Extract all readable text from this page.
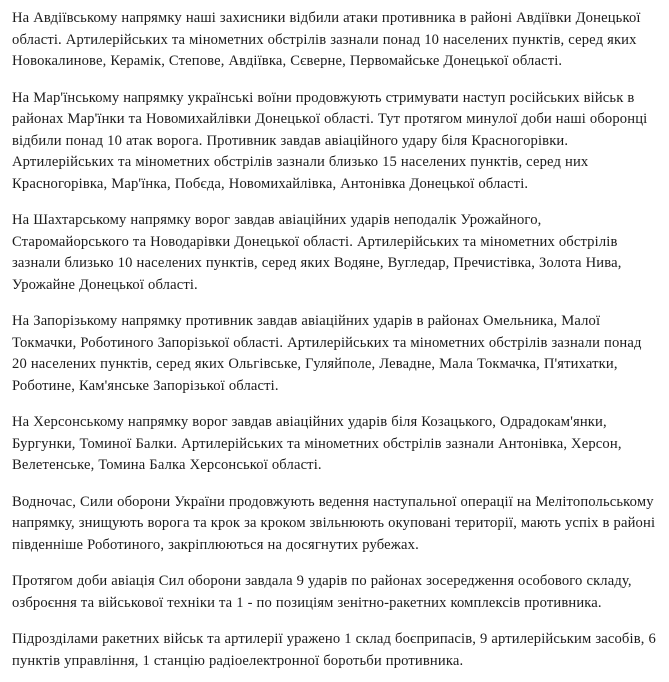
На Авдіївському напрямку наші захисники відбили атаки противника в районі Авдіївки Донецької області. Артилерійських та мінометних обстрілів зазнали понад 10 населених пунктів, серед яких Новокалинове, Керамік, Степове, Авдіївка, Сєверне, Первомайське Донецької області.

На Мар'їнському напрямку українські воїни продовжують стримувати наступ російських військ в районах Мар'їнки та Новомихайлівки Донецької області. Тут протягом минулої доби наші оборонці відбили понад 10 атак ворога. Противник завдав авіаційного удару біля Красногорівки. Артилерійських та мінометних обстрілів зазнали близько 15 населених пунктів, серед них Красногорівка, Мар'їнка, Побєда, Новомихайлівка, Антонівка Донецької області.

На Шахтарському напрямку ворог завдав авіаційних ударів неподалік Урожайного, Старомайорського та Новодарівки Донецької області. Артилерійських та мінометних обстрілів зазнали близько 10 населених пунктів, серед яких Водяне, Вугледар, Пречистівка, Золота Нива, Урожайне Донецької області.

На Запорізькому напрямку противник завдав авіаційних ударів в районах Омельника, Малої Токмачки, Роботиного Запорізької області. Артилерійських та мінометних обстрілів зазнали понад 20 населених пунктів, серед яких Ольгівське, Гуляйполе, Левадне, Мала Токмачка, П'ятихатки, Роботине, Кам'янське Запорізької області.

На Херсонському напрямку ворог завдав авіаційних ударів біля Козацького, Одрадокам'янки, Бургунки, Томиної Балки. Артилерійських та мінометних обстрілів зазнали Антонівка, Херсон, Велетенське, Томина Балка Херсонської області.

Водночас, Сили оборони України продовжують ведення наступальної операції на Мелітопольському напрямку, знищують ворога та крок за кроком звільнюють окуповані території, мають успіх в районі південніше Роботиного, закріплюються на досягнутих рубежах.

Протягом доби авіація Сил оборони завдала 9 ударів по районах зосередження особового складу, озброєння та військової техніки та 1 - по позиціям зенітно-ракетних комплексів противника.

Підрозділами ракетних військ та артилерії уражено 1 склад боєприпасів, 9 артилерійським засобів, 6 пунктів управління, 1 станцію радіоелектронної боротьби противника.
